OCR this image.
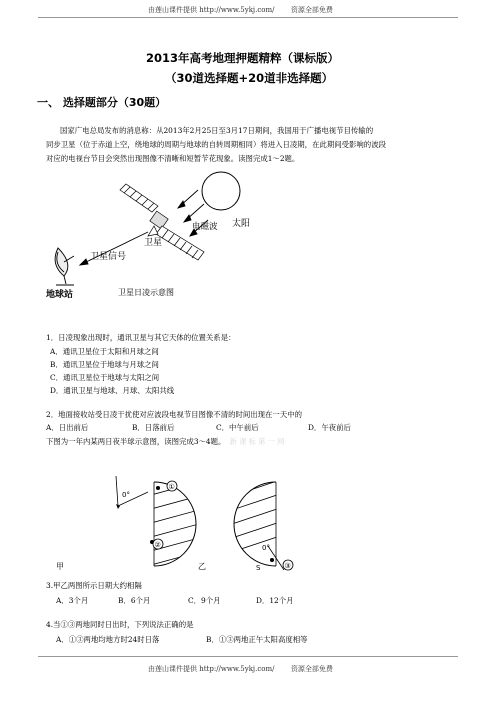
由莲山课件提供 http://www.5ykj.com/ 资源全部免费
2013年高考地理押题精粹（课标版）
（30道选择题+20道非选择题）
一、 选择题部分（30题）
国家广电总局发布的消息称：从2013年2月25日至3月17日期间，我国用于广播电视节目传输的
同步卫星（位于赤道上空，绕地球的周期与地球的自转周期相同）将进入日凌期，在此期间受影响的波段
对应的电视台节目会突然出现图像不清晰和短暂苄花现象。读图完成1～2题。
太阳
电磁波
卫星
卫星信号
地球站	卫星日凌示意图
1．日凌现象出现时，通讯卫星与其它天体的位置关系是：
A．通讯卫星位于太阳和月球之间
B．通讯卫星位于地球与月球之间
C．通讯卫星位于地球与太阳之间
D．通讯卫星与地球、月球、太阳共线
2．地面接收站受日凌干扰使对应波段电视节目图像不清的时间出现在一天中的
A．日出前后	B．日落前后	C．中午前后	D．午夜前后
下图为一年内某两日夜半球示意图，读图完成3～4题。 新 课 标 第 一 网
0°
①
②
甲
0°
S	③
乙
3.甲乙两图所示日期大约相隔
A．3个月	B．6个月	C．9个月	D．12个月
4.当①③两地同时日出时，下列说法正确的是
A．①③两地均地方时24时日落	B．①③两地正午太阳高度相等
由莲山课件提供 http://www.5ykj.com/ 资源全部免费
